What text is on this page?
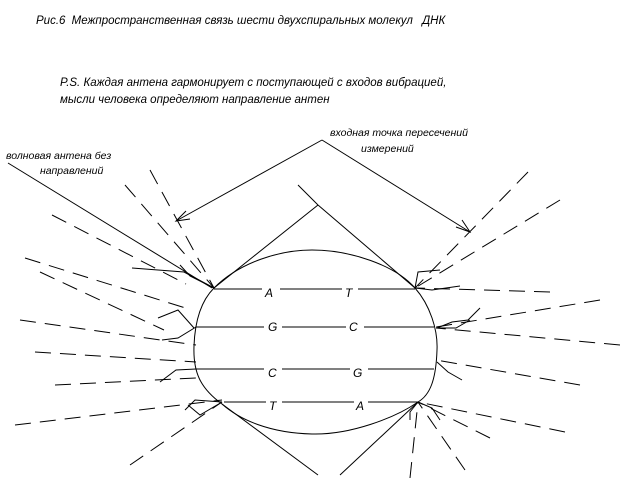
Рис.6 Межпространственная связь шести двухспиральных молекул ДНК
P.S. Каждая антена гармонирует с поступающей с входов вибрацией,
мысли человека определяют направление антен
волновая антена без
направлений
входная точка пересечений
измерений
A	T
G	C
C	G
T	A
